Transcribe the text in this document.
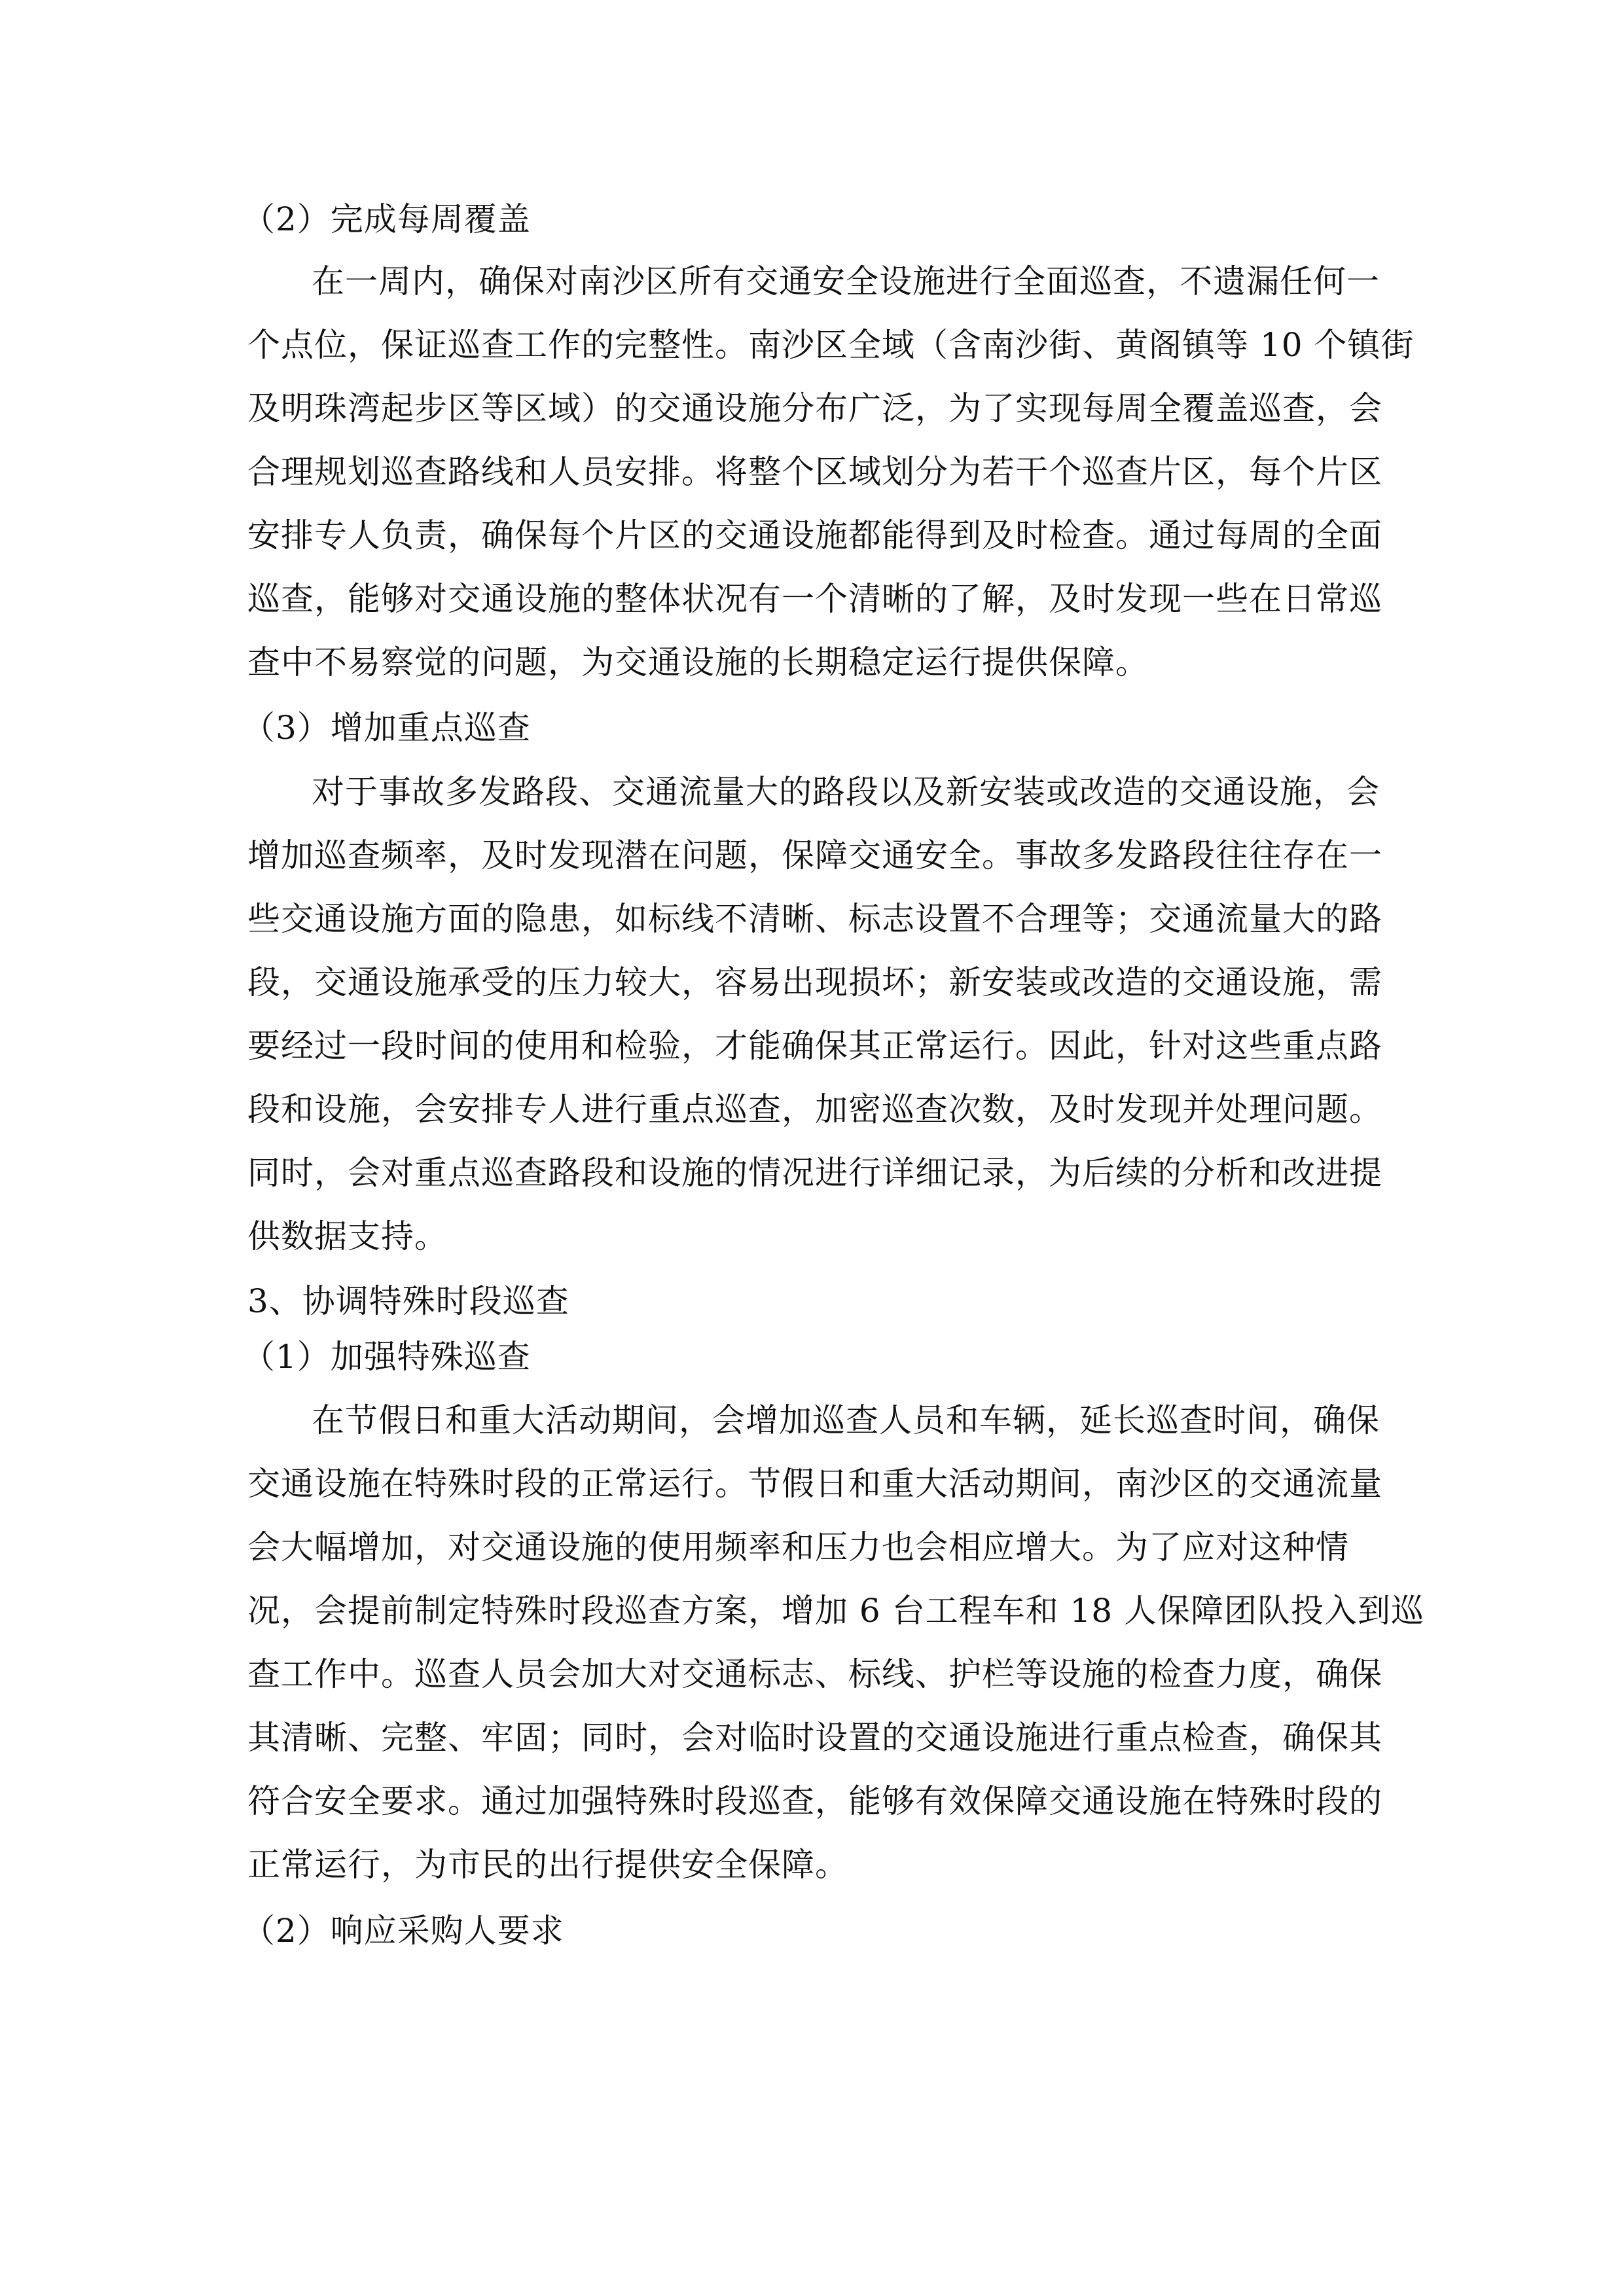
（2）完成每周覆盖
在一周内，确保对南沙区所有交通安全设施进行全面巡查，不遗漏任何一
个点位，保证巡查工作的完整性。南沙区全域（含南沙街、黄阁镇等 10 个镇街
及明珠湾起步区等区域）的交通设施分布广泛，为了实现每周全覆盖巡查，会
合理规划巡查路线和人员安排。将整个区域划分为若干个巡查片区，每个片区
安排专人负责，确保每个片区的交通设施都能得到及时检查。通过每周的全面
巡查，能够对交通设施的整体状况有一个清晰的了解，及时发现一些在日常巡
查中不易察觉的问题，为交通设施的长期稳定运行提供保障。
（3）增加重点巡查
对于事故多发路段、交通流量大的路段以及新安装或改造的交通设施，会
增加巡查频率，及时发现潜在问题，保障交通安全。事故多发路段往往存在一
些交通设施方面的隐患，如标线不清晰、标志设置不合理等；交通流量大的路
段，交通设施承受的压力较大，容易出现损坏；新安装或改造的交通设施，需
要经过一段时间的使用和检验，才能确保其正常运行。因此，针对这些重点路
段和设施，会安排专人进行重点巡查，加密巡查次数，及时发现并处理问题。
同时，会对重点巡查路段和设施的情况进行详细记录，为后续的分析和改进提
供数据支持。
3、协调特殊时段巡查
（1）加强特殊巡查
在节假日和重大活动期间，会增加巡查人员和车辆，延长巡查时间，确保
交通设施在特殊时段的正常运行。节假日和重大活动期间，南沙区的交通流量
会大幅增加，对交通设施的使用频率和压力也会相应增大。为了应对这种情
况，会提前制定特殊时段巡查方案，增加 6 台工程车和 18 人保障团队投入到巡
查工作中。巡查人员会加大对交通标志、标线、护栏等设施的检查力度，确保
其清晰、完整、牢固；同时，会对临时设置的交通设施进行重点检查，确保其
符合安全要求。通过加强特殊时段巡查，能够有效保障交通设施在特殊时段的
正常运行，为市民的出行提供安全保障。
（2）响应采购人要求
